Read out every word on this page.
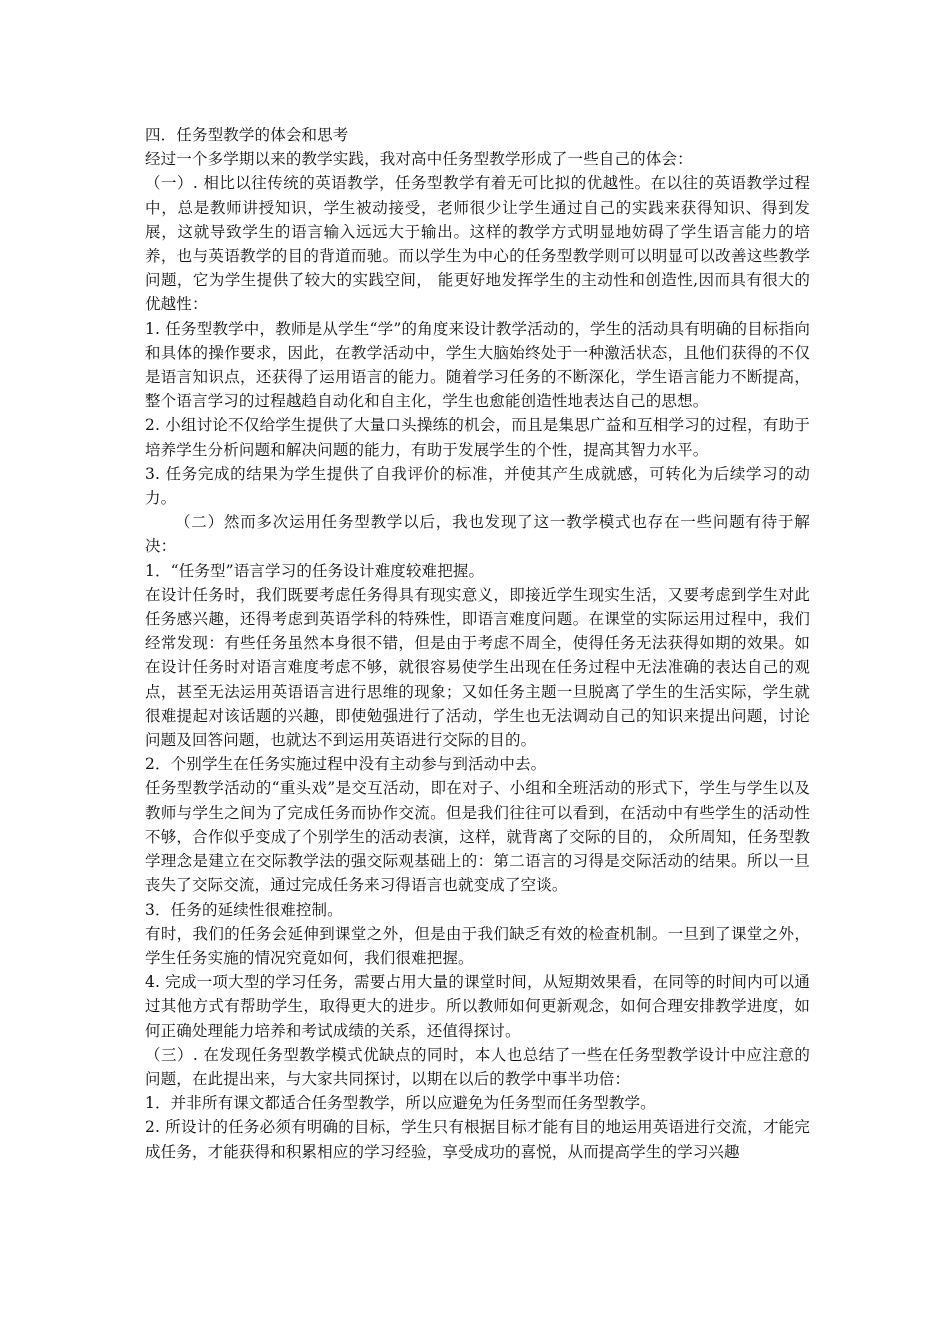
四．任务型教学的体会和思考

经过一个多学期以来的教学实践，我对高中任务型教学形成了一些自己的体会：

（一）. 相比以往传统的英语教学，任务型教学有着无可比拟的优越性。在以往的英语教学过程中，总是教师讲授知识，学生被动接受，老师很少让学生通过自己的实践来获得知识、得到发展，这就导致学生的语言输入远远大于输出。这样的教学方式明显地妨碍了学生语言能力的培养，也与英语教学的目的背道而驰。而以学生为中心的任务型教学则可以明显可以改善这些教学问题，它为学生提供了较大的实践空间， 能更好地发挥学生的主动性和创造性,因而具有很大的优越性：

1. 任务型教学中，教师是从学生“学”的角度来设计教学活动的，学生的活动具有明确的目标指向和具体的操作要求，因此，在教学活动中，学生大脑始终处于一种激活状态，且他们获得的不仅是语言知识点，还获得了运用语言的能力。随着学习任务的不断深化，学生语言能力不断提高，整个语言学习的过程越趋自动化和自主化，学生也愈能创造性地表达自己的思想。

2. 小组讨论不仅给学生提供了大量口头操练的机会，而且是集思广益和互相学习的过程，有助于培养学生分析问题和解决问题的能力，有助于发展学生的个性，提高其智力水平。

3. 任务完成的结果为学生提供了自我评价的标准，并使其产生成就感，可转化为后续学习的动力。

（二）然而多次运用任务型教学以后，我也发现了这一教学模式也存在一些问题有待于解决：

1．“任务型”语言学习的任务设计难度较难把握。

在设计任务时，我们既要考虑任务得具有现实意义，即接近学生现实生活，又要考虑到学生对此任务感兴趣，还得考虑到英语学科的特殊性，即语言难度问题。在课堂的实际运用过程中，我们经常发现：有些任务虽然本身很不错，但是由于考虑不周全，使得任务无法获得如期的效果。如在设计任务时对语言难度考虑不够，就很容易使学生出现在任务过程中无法准确的表达自己的观点，甚至无法运用英语语言进行思维的现象；又如任务主题一旦脱离了学生的生活实际，学生就很难提起对该话题的兴趣，即使勉强进行了活动，学生也无法调动自己的知识来提出问题，讨论问题及回答问题，也就达不到运用英语进行交际的目的。

2．个别学生在任务实施过程中没有主动参与到活动中去。

任务型教学活动的“重头戏”是交互活动，即在对子、小组和全班活动的形式下，学生与学生以及教师与学生之间为了完成任务而协作交流。但是我们往往可以看到，在活动中有些学生的活动性不够，合作似乎变成了个别学生的活动表演，这样，就背离了交际的目的， 众所周知，任务型教学理念是建立在交际教学法的强交际观基础上的：第二语言的习得是交际活动的结果。所以一旦丧失了交际交流，通过完成任务来习得语言也就变成了空谈。

3．任务的延续性很难控制。

有时，我们的任务会延伸到课堂之外，但是由于我们缺乏有效的检查机制。一旦到了课堂之外，学生任务实施的情况究竟如何，我们很难把握。

4. 完成一项大型的学习任务，需要占用大量的课堂时间，从短期效果看，在同等的时间内可以通过其他方式有帮助学生，取得更大的进步。所以教师如何更新观念，如何合理安排教学进度，如何正确处理能力培养和考试成绩的关系，还值得探讨。

（三）. 在发现任务型教学模式优缺点的同时，本人也总结了一些在任务型教学设计中应注意的问题，在此提出来，与大家共同探讨，以期在以后的教学中事半功倍：

1．并非所有课文都适合任务型教学，所以应避免为任务型而任务型教学。

2. 所设计的任务必须有明确的目标，学生只有根据目标才能有目的地运用英语进行交流，才能完成任务，才能获得和积累相应的学习经验，享受成功的喜悦，从而提高学生的学习兴趣
